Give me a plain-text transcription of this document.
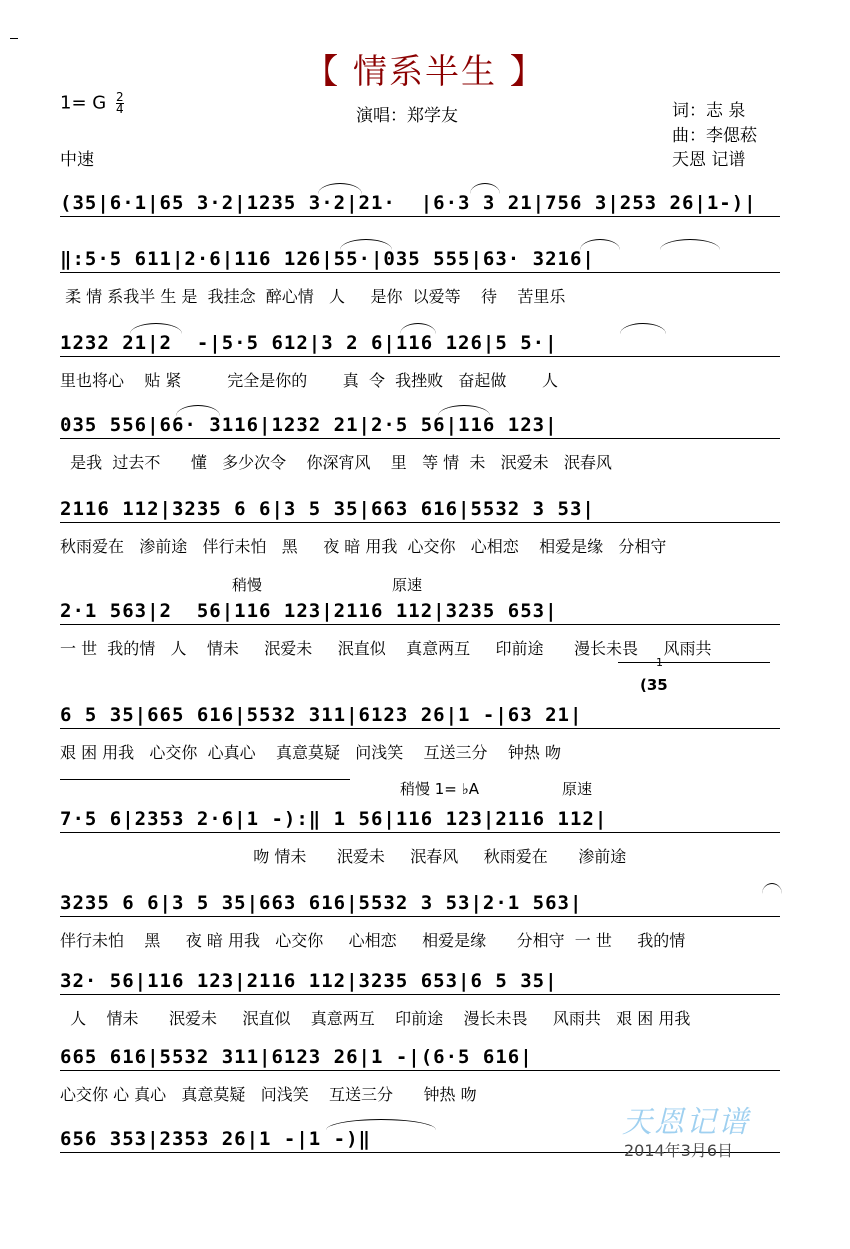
【 情系半生 】
1= G $\frac{2}{4}$
演唱：郑学友	词：志 泉
曲：李偲菘
天恩 记谱
中速
稍慢	原速
稍慢 1= ♭A	原速
1
(35
(35|6·1|65 3·2|1235 3·2|21·  |6·3 3 21|756 3|253 26|1-)|
‖:5·5 611|2·6|116 126|55·|035 555|63· 3216|
柔 情 系我半 生 是  我挂念  醉心情   人     是你  以爱等    待    苦里乐
1232 21|2  -|5·5 612|3 2 6|116 126|5 5·|
里也将心    贴 紧         完全是你的       真  令  我挫败   奋起做       人
035 556|66· 3116|1232 21|2·5 56|116 123|
是我  过去不      懂   多少次令    你深宵风    里   等 情  未   泯爱未   泯春风
2116 112|3235 6 6|3 5 35|663 616|5532 3 53|
秋雨爱在   渗前途   伴行未怕   黑     夜 暗 用我  心交你   心相恋    相爱是缘   分相守
2·1 563|2  56|116 123|2116 112|3235 653|
一 世  我的情   人    情未     泯爱未     泯直似    真意两互     印前途      漫长未畏     风雨共
6 5 35|665 616|5532 311|6123 26|1 -|63 21|
艰 困 用我   心交你  心真心    真意莫疑   问浅笑    互送三分    钟热 吻
7·5 6|2353 2·6|1 -):‖ 1 56|116 123|2116 112|
吻 情未      泯爱未     泯春风     秋雨爱在      渗前途
3235 6 6|3 5 35|663 616|5532 3 53|2·1 563|
伴行未怕    黑     夜 暗 用我   心交你     心相恋     相爱是缘      分相守  一 世     我的情
32· 56|116 123|2116 112|3235 653|6 5 35|
人    情未      泯爱未     泯直似    真意两互    印前途    漫长未畏     风雨共   艰 困 用我
665 616|5532 311|6123 26|1 -|(6·5 616|
心交你 心 真心   真意莫疑   问浅笑    互送三分      钟热 吻
656 353|2353 26|1 -|1 -)‖	天恩记谱
2014年3月6日
